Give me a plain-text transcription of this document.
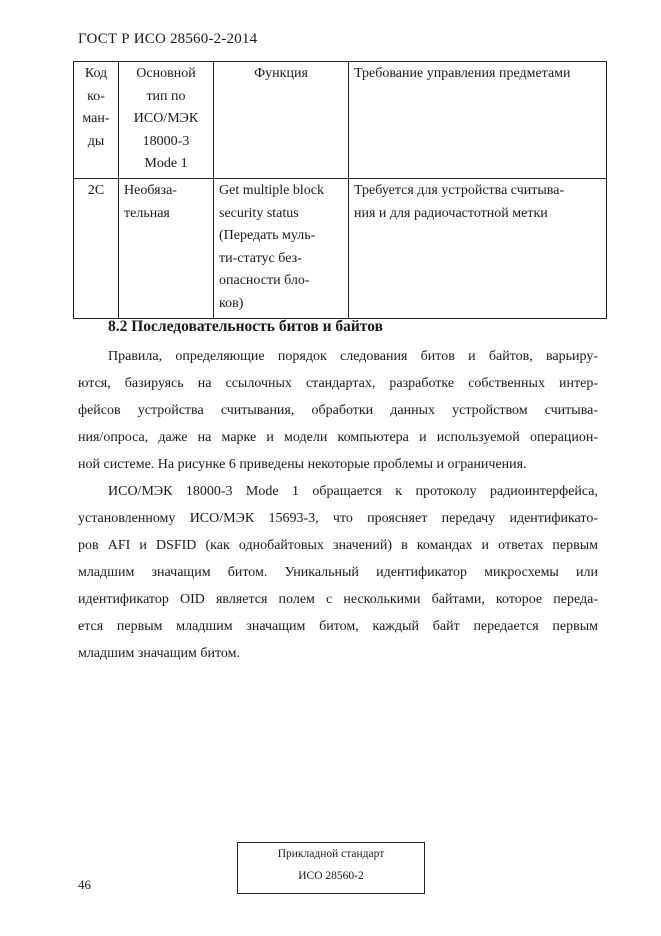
ГОСТ Р ИСО 28560-2-2014
Код
ко-
ман-
ды

Основной
тип по
ИСО/МЭК
18000-3
Mode 1

Функция	Требование управления предметами

2C	Необяза-
тельная

Get multiple block
security status
(Передать муль-
ти-статус без-
опасности бло-
ков)

Требуется для устройства считыва-
ния и для радиочастотной метки
8.2 Последовательность битов и байтов

Правила, определяющие порядок следования битов и байтов, варьиру-
ются, базируясь на ссылочных стандартах, разработке собственных интер-
фейсов устройства считывания, обработки данных устройством считыва-
ния/опроса, даже на марке и модели компьютера и используемой операцион-
ной системе. На рисунке 6 приведены некоторые проблемы и ограничения.

ИСО/МЭК 18000-3 Mode 1 обращается к протоколу радиоинтерфейса,
установленному ИСО/МЭК 15693-3, что проясняет передачу идентификато-
ров AFI и DSFID (как однобайтовых значений) в командах и ответах первым
младшим значащим битом. Уникальный идентификатор микросхемы или
идентификатор OID является полем с несколькими байтами, которое переда-
ется первым младшим значащим битом, каждый байт передается первым
младшим значащим битом.

Прикладной стандарт
ИСО 28560-2
46
